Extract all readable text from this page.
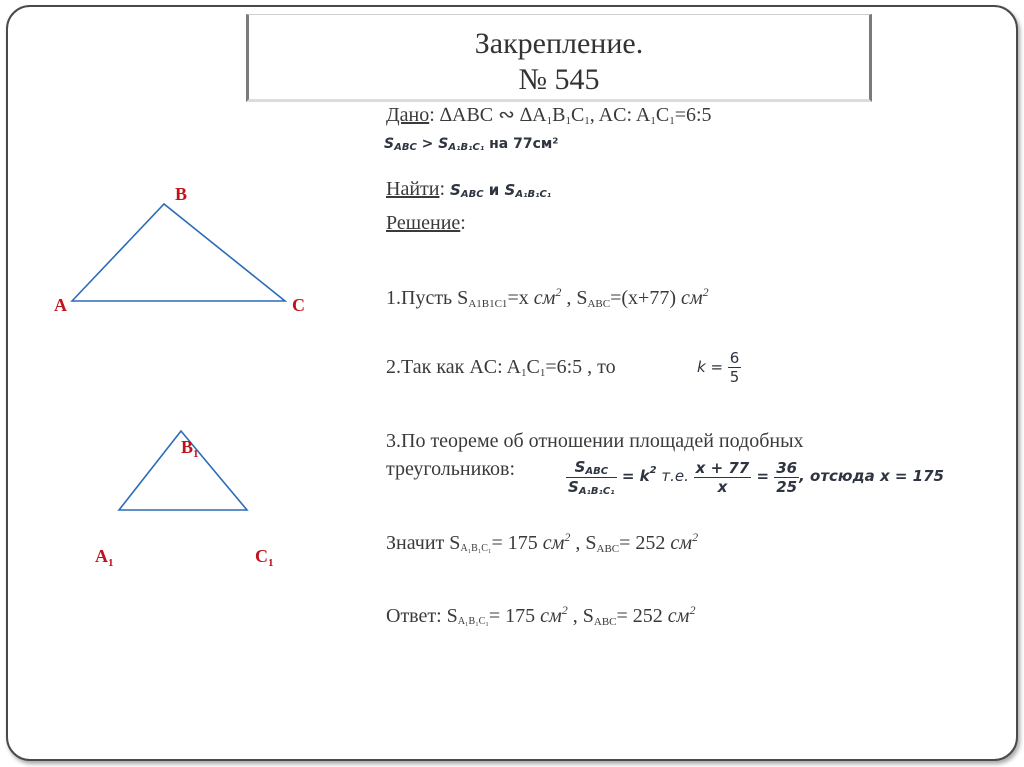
Закрепление.
№ 545
Дано: ∆ABC ∾ $\Delta A_1B_1C_1$, AC: $A_1C_1=6:5$
SABC > SA₁B₁C₁ на 77см²
Найти: SABC и SA₁B₁C₁
Решение:
1.Пусть $S_{A1B1C1}=x$ $см^2$ , $S_{ABC}=(x+77)$ $см^2$
2.Так как AC: $A_1C_1=6:5$ , то	$k = \frac{6}{5}$
3.По теореме об отношении площадей подобных
треугольников:	$\frac{\text{SABC}}{\text{SA₁B₁C₁}} = k^2$ т.е. $\frac{x + 77}{x} = \frac{36}{25}$ , отсюда x = 175
Значит SA₁B₁C₁= 175 $см^2$ , $S_{ABC}= 252$ $см^2$
Ответ: SA₁B₁C₁= 175 $см^2$ , $S_{ABC}= 252$ $см^2$
B
A	C
$B_1$
$A_1$	$C_1$
